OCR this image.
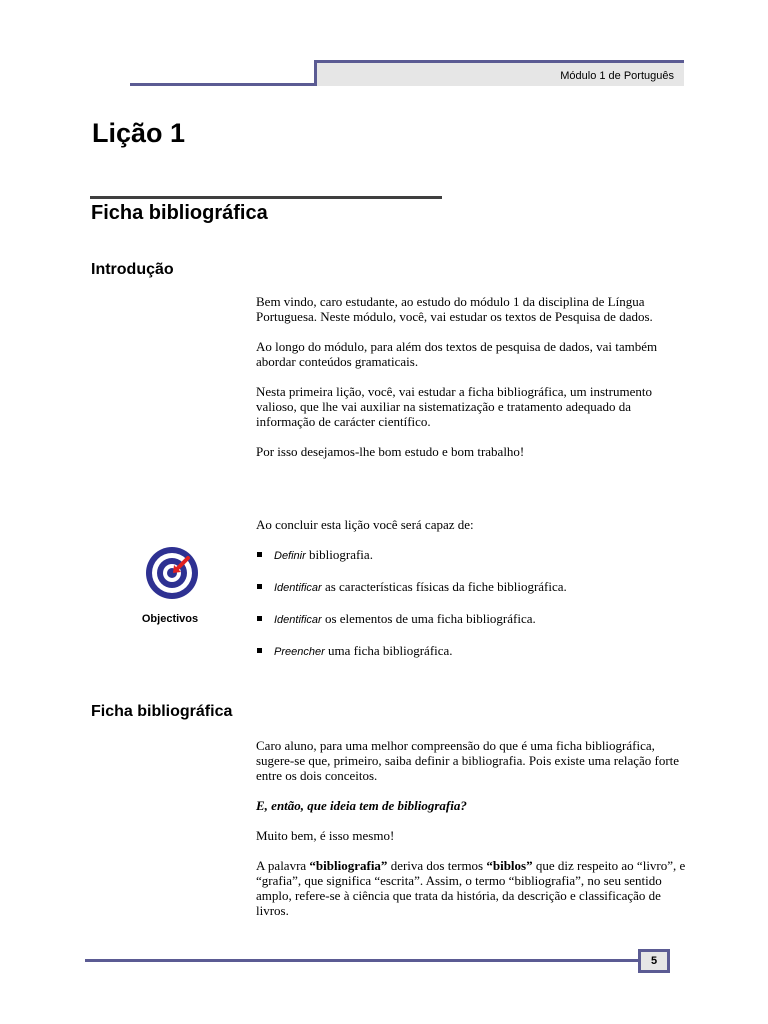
Módulo 1 de Português
Lição 1
Ficha bibliográfica
Introdução

Bem vindo, caro estudante, ao estudo do módulo 1 da disciplina de Língua Portuguesa. Neste módulo, você, vai estudar os textos de Pesquisa de dados.

Ao longo do módulo, para além dos textos de pesquisa de dados, vai também abordar conteúdos gramaticais.

Nesta primeira lição, você, vai estudar a ficha bibliográfica, um instrumento valioso, que lhe vai auxiliar na sistematização e tratamento adequado da informação de carácter científico.

Por isso desejamos-lhe bom estudo e bom trabalho!

Objectivos

Ao concluir esta lição você será capaz de:

Definir bibliografia.
Identificar as características físicas da fiche bibliográfica.
Identificar os elementos de uma ficha bibliográfica.
Preencher uma ficha bibliográfica.
Ficha bibliográfica

Caro aluno, para uma melhor compreensão do que é uma ficha bibliográfica, sugere-se que, primeiro, saiba definir a bibliografia. Pois existe uma relação forte entre os dois conceitos.

E, então, que ideia tem de bibliografia?

Muito bem, é isso mesmo!

A palavra “bibliografia” deriva dos termos “biblos” que diz respeito ao “livro”, e “grafia”, que significa “escrita”. Assim, o termo “bibliografia”, no seu sentido amplo, refere-se à ciência que trata da história, da descrição e classificação de livros.

5
